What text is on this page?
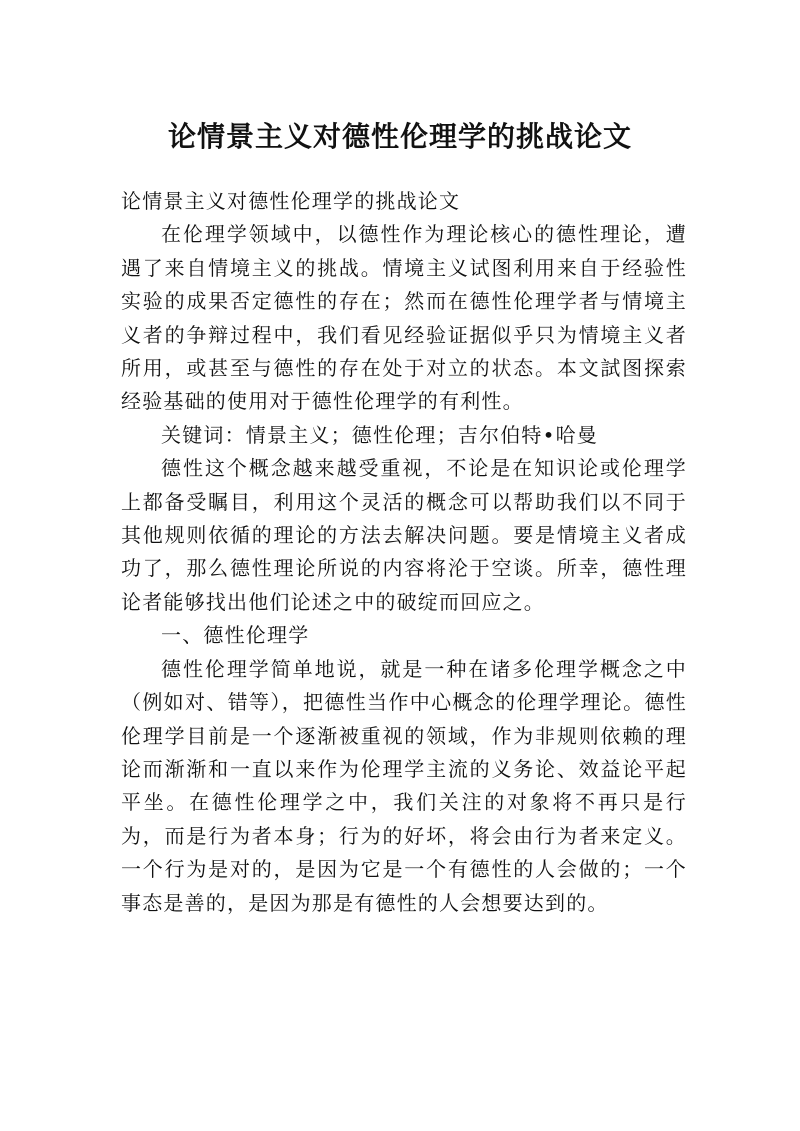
论情景主义对德性伦理学的挑战论文

论情景主义对德性伦理学的挑战论文

在伦理学领域中，以德性作为理论核心的德性理论，遭遇了来自情境主义的挑战。情境主义试图利用来自于经验性实验的成果否定德性的存在；然而在德性伦理学者与情境主义者的争辩过程中，我们看见经验证据似乎只为情境主义者所用，或甚至与德性的存在处于对立的状态。本文試图探索经验基础的使用对于德性伦理学的有利性。

关键词：情景主义；德性伦理；吉尔伯特•哈曼

德性这个概念越来越受重视，不论是在知识论或伦理学上都备受瞩目，利用这个灵活的概念可以帮助我们以不同于其他规则依循的理论的方法去解决问题。要是情境主义者成功了，那么德性理论所说的内容将沦于空谈。所幸，德性理论者能够找出他们论述之中的破绽而回应之。

一、德性伦理学

德性伦理学简单地说，就是一种在诸多伦理学概念之中（例如对、错等），把德性当作中心概念的伦理学理论。德性伦理学目前是一个逐渐被重视的领域，作为非规则依赖的理论而渐渐和一直以来作为伦理学主流的义务论、效益论平起平坐。在德性伦理学之中，我们关注的对象将不再只是行为，而是行为者本身；行为的好坏，将会由行为者来定义。一个行为是对的，是因为它是一个有德性的人会做的；一个事态是善的，是因为那是有德性的人会想要达到的。
